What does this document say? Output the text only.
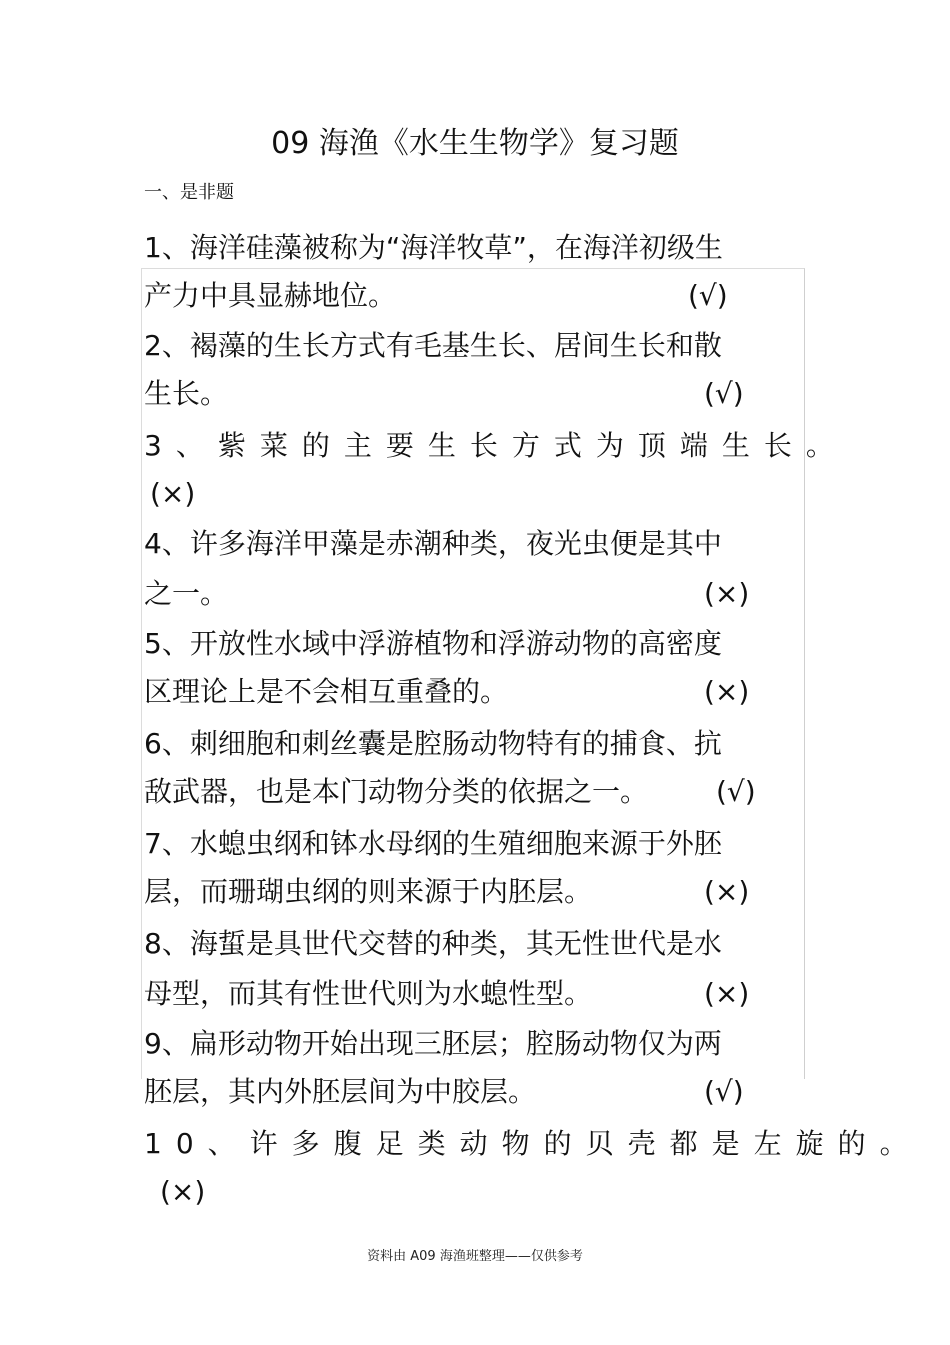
09 海渔《水生生物学》复习题
一、是非题
1、海洋硅藻被称为“海洋牧草”，在海洋初级生
产力中具显赫地位。	(√)
2、褐藻的生长方式有毛基生长、居间生长和散
生长。	(√)
3、紫菜的主要生长方式为顶端生长。
(×)
4、许多海洋甲藻是赤潮种类，夜光虫便是其中
之一。	(×)
5、开放性水域中浮游植物和浮游动物的高密度
区理论上是不会相互重叠的。	(×)
6、刺细胞和刺丝囊是腔肠动物特有的捕食、抗
敌武器，也是本门动物分类的依据之一。 (√)
7、水螅虫纲和钵水母纲的生殖细胞来源于外胚
层，而珊瑚虫纲的则来源于内胚层。	(×)
8、海蜇是具世代交替的种类，其无性世代是水
母型，而其有性世代则为水螅性型。	(×)
9、扁形动物开始出现三胚层；腔肠动物仅为两
胚层，其内外胚层间为中胶层。	(√)
10、许多腹足类动物的贝壳都是左旋的。
(×)
资料由 A09 海渔班整理——仅供参考
